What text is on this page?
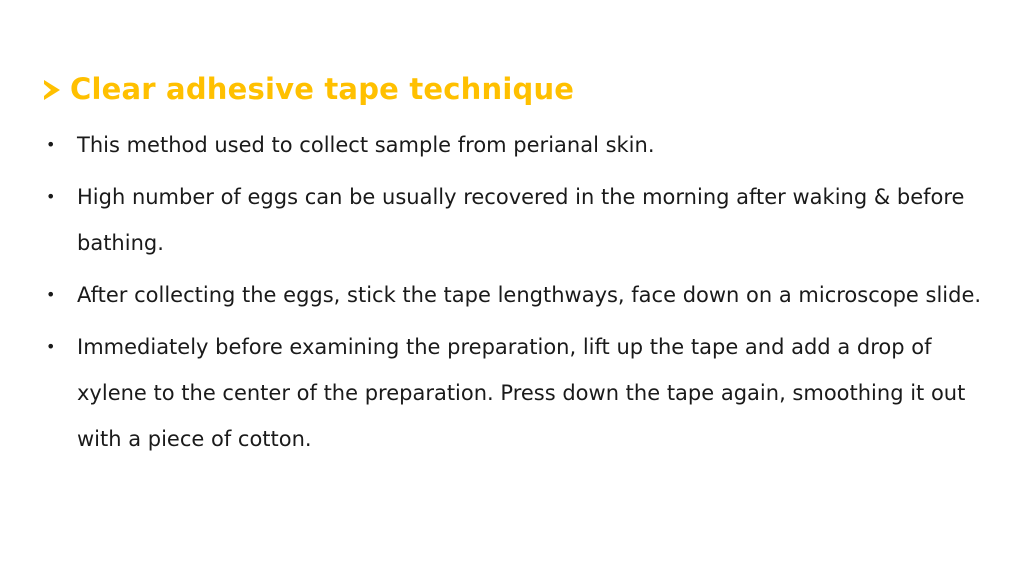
Clear adhesive tape technique
• This method used to collect sample from perianal skin.
• High number of eggs can be usually recovered in the morning after waking & before bathing.
• After collecting the eggs, stick the tape lengthways, face down on a microscope slide.
• Immediately before examining the preparation, lift up the tape and add a drop of xylene to the center of the preparation. Press down the tape again, smoothing it out with a piece of cotton.
